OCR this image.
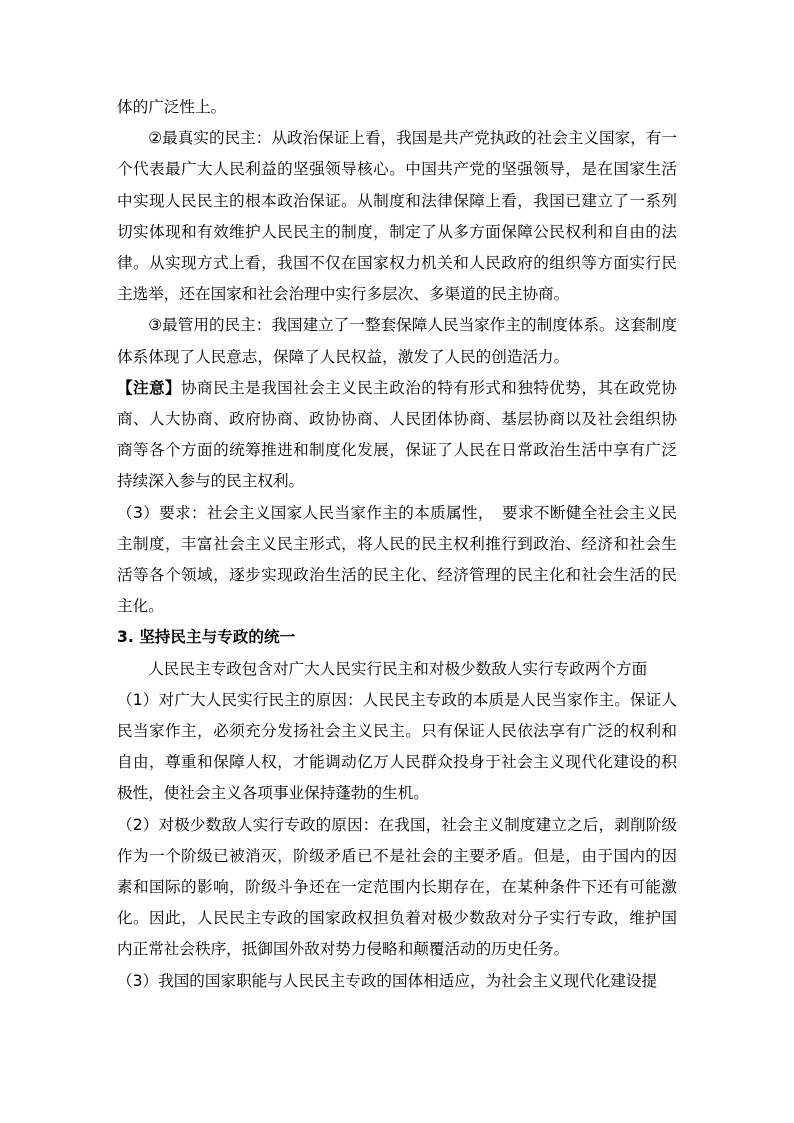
体的广泛性上。

②最真实的民主：从政治保证上看，我国是共产党执政的社会主义国家，有一个代表最广大人民利益的坚强领导核心。中国共产党的坚强领导，是在国家生活中实现人民民主的根本政治保证。从制度和法律保障上看，我国已建立了一系列切实体现和有效维护人民民主的制度，制定了从多方面保障公民权利和自由的法律。从实现方式上看，我国不仅在国家权力机关和人民政府的组织等方面实行民主选举，还在国家和社会治理中实行多层次、多渠道的民主协商。

③最管用的民主：我国建立了一整套保障人民当家作主的制度体系。这套制度体系体现了人民意志，保障了人民权益，激发了人民的创造活力。

【注意】协商民主是我国社会主义民主政治的特有形式和独特优势，其在政党协商、人大协商、政府协商、政协协商、人民团体协商、基层协商以及社会组织协商等各个方面的统筹推进和制度化发展，保证了人民在日常政治生活中享有广泛持续深入参与的民主权利。

（3）要求：社会主义国家人民当家作主的本质属性，　要求不断健全社会主义民主制度，丰富社会主义民主形式，将人民的民主权利推行到政治、经济和社会生活等各个领域，逐步实现政治生活的民主化、经济管理的民主化和社会生活的民主化。

3. 坚持民主与专政的统一

人民民主专政包含对广大人民实行民主和对极少数敌人实行专政两个方面

（1）对广大人民实行民主的原因：人民民主专政的本质是人民当家作主。保证人民当家作主，必须充分发扬社会主义民主。只有保证人民依法享有广泛的权利和自由，尊重和保障人权，才能调动亿万人民群众投身于社会主义现代化建设的积极性，使社会主义各项事业保持蓬勃的生机。

（2）对极少数敌人实行专政的原因：在我国，社会主义制度建立之后，剥削阶级作为一个阶级已被消灭，阶级矛盾已不是社会的主要矛盾。但是，由于国内的因素和国际的影响，阶级斗争还在一定范围内长期存在，在某种条件下还有可能激化。因此，人民民主专政的国家政权担负着对极少数敌对分子实行专政，维护国内正常社会秩序，抵御国外敌对势力侵略和颠覆活动的历史任务。

（3）我国的国家职能与人民民主专政的国体相适应，为社会主义现代化建设提
